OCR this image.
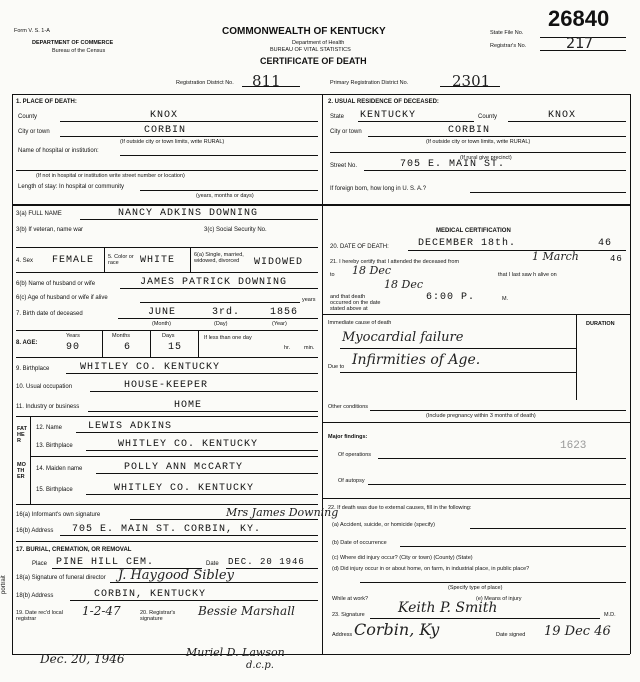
Form V. S. 1-A
DEPARTMENT OF COMMERCE
Bureau of the Census
COMMONWEALTH OF KENTUCKY
Department of Health
BUREAU OF VITAL STATISTICS
CERTIFICATE OF DEATH
26840
State File No.
Registrar's No.	217
Registration District No. 811	Primary Registration District No.	2301
1. PLACE OF DEATH:
County	KNOX
City or town	CORBIN
(If outside city or town limits, write RURAL)
Name of hospital or institution:
(If not in hospital or institution write street number or location)
Length of stay: In hospital or community
(years, months or days)
2. USUAL RESIDENCE OF DECEASED:
State KENTUCKY	County	KNOX
City or town	CORBIN
(If outside city or town limits, write RURAL)
(If rural give precinct)
Street No.	705 E. MAIN ST.
If foreign born, how long in U. S. A.?
3(a) FULL NAME	NANCY ADKINS DOWNING
3(b) If veteran, name war	3(c) Social Security No.
4. Sex FEMALE	5. Color or race	WHITE	6(a) Single, married, widowed, divorced	WIDOWED
6(b) Name of husband or wife	JAMES PATRICK DOWNING
6(c) Age of husband or wife if alive	years
7. Birth date of deceased	JUNE	3rd.	1856
(Month)	(Day)	(Year)
8. AGE:
Years
90
Months
6
Days
15
If less than one day
hr.	min.
9. Birthplace	WHITLEY CO. KENTUCKY
10. Usual occupation	HOUSE-KEEPER
11. Industry or business	HOME
FATHER
MOTHER
12. Name	LEWIS ADKINS
13. Birthplace	WHITLEY CO. KENTUCKY
14. Maiden name	POLLY ANN McCARTY
15. Birthplace	WHITLEY CO. KENTUCKY
16(a) Informant's own signature	Mrs James Downing
16(b) Address 705 E. MAIN ST. CORBIN, KY.
17. BURIAL, CREMATION, OR REMOVAL
Place PINE HILL CEM.	Date DEC. 20 1946
18(a) Signature of funeral director J. Haygood Sibley
18(b) Address	CORBIN, KENTUCKY
19. Date rec'd local registrar
1-2-47	20. Registrar's signature
Bessie Marshall
MEDICAL CERTIFICATION
20. DATE OF DEATH:	DECEMBER 18th.	46
21. I hereby certify that I attended the deceased from	1 March	46
to 18 Dec	that I last saw h alive on
18 Dec
and that death occurred on the date stated above at
6:00 P.	M.
DURATION
Immediate cause of death
Myocardial failure
Due to Infirmities of Age.
Other conditions
(Include pregnancy within 3 months of death)
Major findings:
Of operations
1623
Of autopsy
22. If death was due to external causes, fill in the following:
(a) Accident, suicide, or homicide (specify)
(b) Date of occurrence
(c) Where did injury occur? (City or town) (County) (State)
(d) Did injury occur in or about home, on farm, in industrial place, in public place?
(Specify type of place)
While at work?	(e) Means of injury
23. Signature Keith P. Smith	M.D.
Address Corbin, Ky	Date signed 19 Dec 46
portrait
Dec. 20, 1946	Muriel D. Lawson
d.c.p.
